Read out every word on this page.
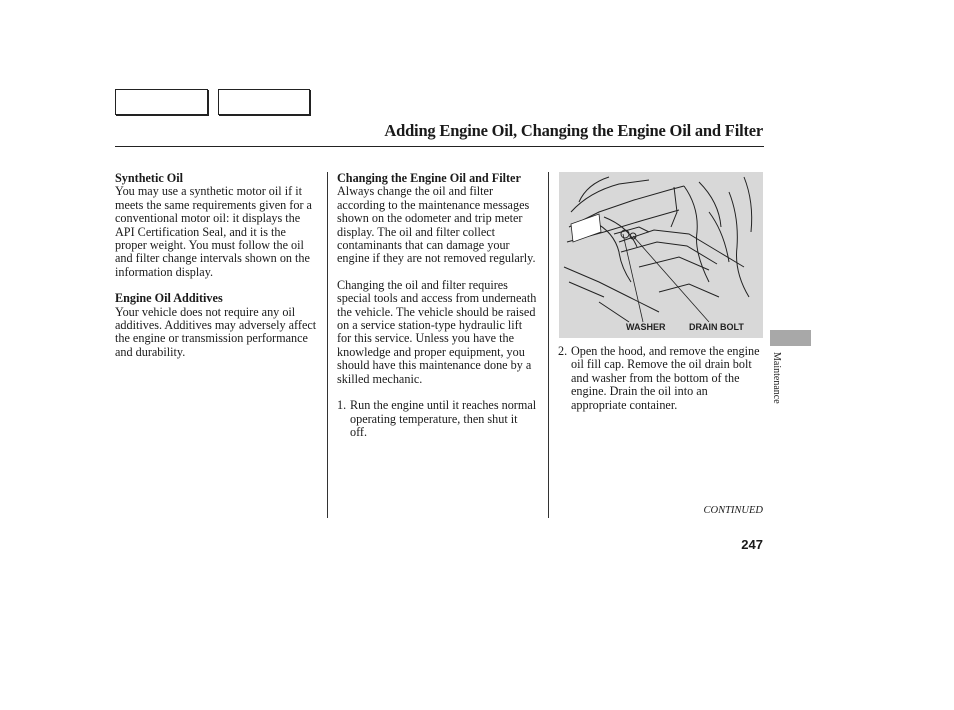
Adding Engine Oil, Changing the Engine Oil and Filter
Synthetic Oil

You may use a synthetic motor oil if it meets the same requirements given for a conventional motor oil: it displays the API Certification Seal, and it is the proper weight. You must follow the oil and filter change intervals shown on the information display.

Engine Oil Additives

Your vehicle does not require any oil additives. Additives may adversely affect the engine or transmission performance and durability.

Changing the Engine Oil and Filter

Always change the oil and filter according to the maintenance messages shown on the odometer and trip meter display. The oil and filter collect contaminants that can damage your engine if they are not removed regularly.

Changing the oil and filter requires special tools and access from underneath the vehicle. The vehicle should be raised on a service station-type hydraulic lift for this service. Unless you have the knowledge and proper equipment, you should have this maintenance done by a skilled mechanic.

1. Run the engine until it reaches normal operating temperature, then shut it off.
WASHER	DRAIN BOLT
2. Open the hood, and remove the engine oil fill cap. Remove the oil drain bolt and washer from the bottom of the engine. Drain the oil into an appropriate container.
CONTINUED
247
Maintenance
